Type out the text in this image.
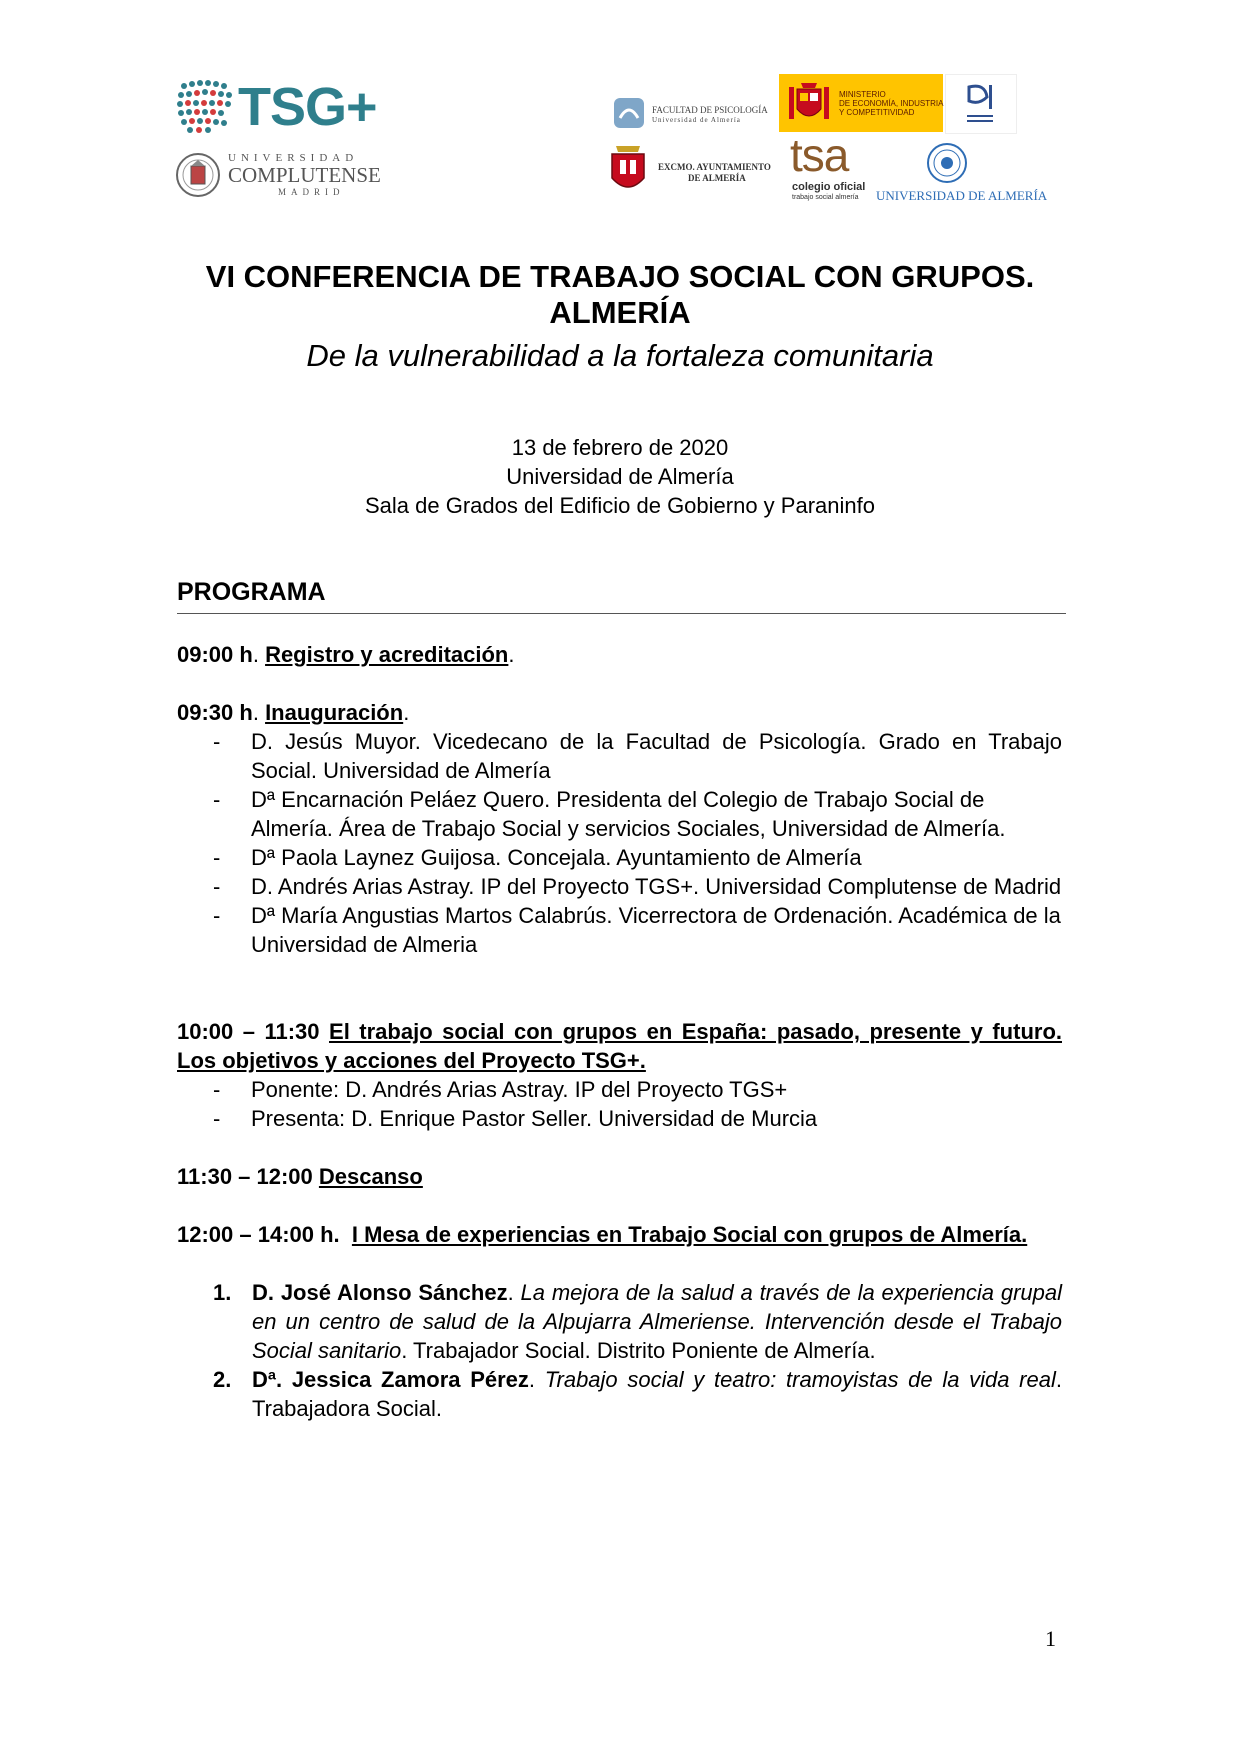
TSG+
UNIVERSIDAD
COMPLUTENSE
MADRID
FACULTAD DE PSICOLOGÍA
Universidad de Almería
MINISTERIO
DE ECONOMÍA, INDUSTRIA
Y COMPETITIVIDAD
EXCMO. AYUNTAMIENTO
DE ALMERÍA tsa
colegio oficial
trabajo social almería UNIVERSIDAD DE ALMERÍA
VI CONFERENCIA DE TRABAJO SOCIAL CON GRUPOS.
ALMERÍA
De la vulnerabilidad a la fortaleza comunitaria
13 de febrero de 2020
Universidad de Almería
Sala de Grados del Edificio de Gobierno y Paraninfo
PROGRAMA

09:00 h. Registro y acreditación.

09:30 h. Inauguración.

- D. Jesús Muyor. Vicedecano de la Facultad de Psicología. Grado en Trabajo Social. Universidad de Almería
- Dª Encarnación Peláez Quero. Presidenta del Colegio de Trabajo Social de Almería. Área de Trabajo Social y servicios Sociales, Universidad de Almería.
- Dª Paola Laynez Guijosa. Concejala. Ayuntamiento de Almería
- D. Andrés Arias Astray. IP del Proyecto TGS+. Universidad Complutense de Madrid
- Dª María Angustias Martos Calabrús. Vicerrectora de Ordenación. Académica de la Universidad de Almeria

10:00 – 11:30 El trabajo social con grupos en España: pasado, presente y futuro. Los objetivos y acciones del Proyecto TSG+.

- Ponente: D. Andrés Arias Astray. IP del Proyecto TGS+
- Presenta: D. Enrique Pastor Seller. Universidad de Murcia

11:30 – 12:00 Descanso

12:00 – 14:00 h. I Mesa de experiencias en Trabajo Social con grupos de Almería.

1. D. José Alonso Sánchez. La mejora de la salud a través de la experiencia grupal en un centro de salud de la Alpujarra Almeriense. Intervención desde el Trabajo Social sanitario. Trabajador Social. Distrito Poniente de Almería.
2. Dª. Jessica Zamora Pérez. Trabajo social y teatro: tramoyistas de la vida real. Trabajadora Social.
1
